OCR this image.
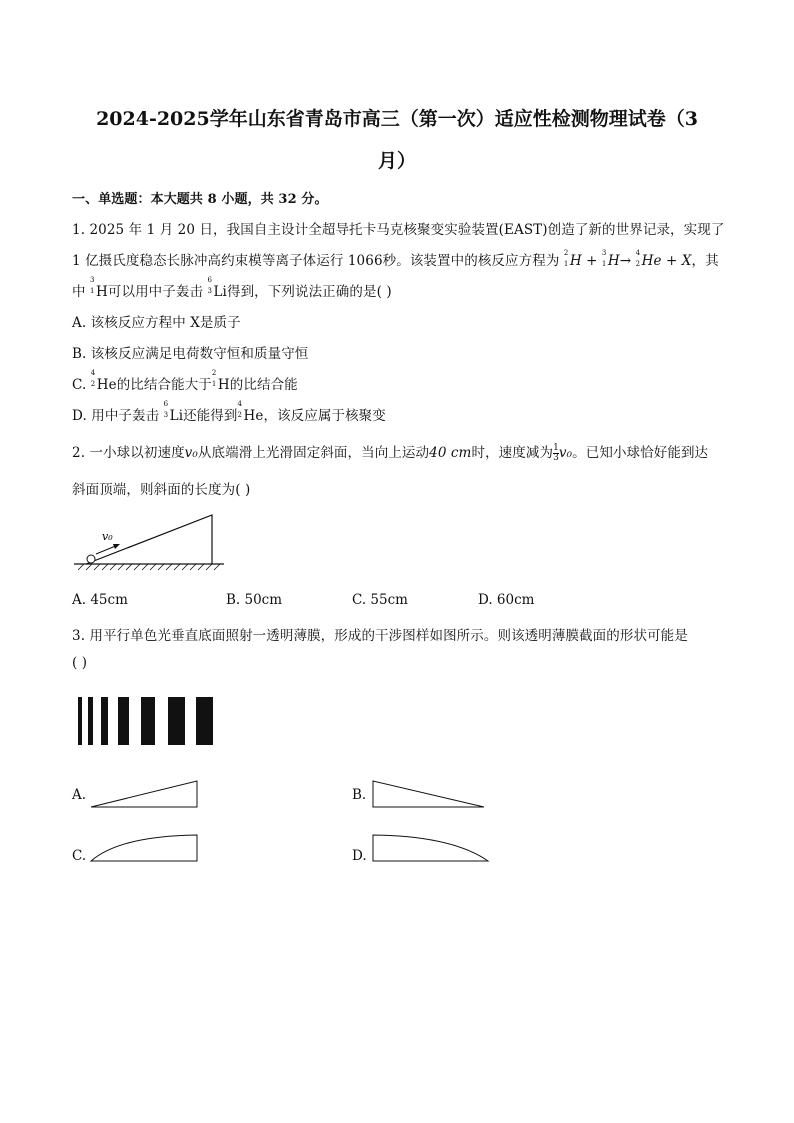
2024-2025学年山东省青岛市高三（第一次）适应性检测物理试卷（3
月）
一、单选题：本大题共 8 小题，共 32 分。
1. 2025 年 1 月 20 日，我国自主设计全超导托卡马克核聚变实验装置(EAST)创造了新的世界记录，实现了
1 亿摄氏度稳态长脉冲高约束模等离子体运行 1066秒。该装置中的核反应方程为 2
1 H + 3
1 H→ 4
2 He + X，其
中
3
1 H可以用中子轰击
6
3 Li得到，下列说法正确的是( )
A. 该核反应方程中 X是质子
B. 该核反应满足电荷数守恒和质量守恒
C.
4
2 He的比结合能大于
2
1 H的比结合能
D. 用中子轰击
6
3 Li还能得到
4
2 He，该反应属于核聚变
2. 一小球以初速度v₀从底端滑上光滑固定斜面，当向上运动40 cm时，速度减为 $\frac{1}{3} v_0$。已知小球恰好能到达
斜面顶端，则斜面的长度为( )
v₀
A. 45cm	B. 50cm	C. 55cm	D. 60cm
3. 用平行单色光垂直底面照射一透明薄膜，形成的干涉图样如图所示。则该透明薄膜截面的形状可能是
( )
A.	B.
C.	D.
